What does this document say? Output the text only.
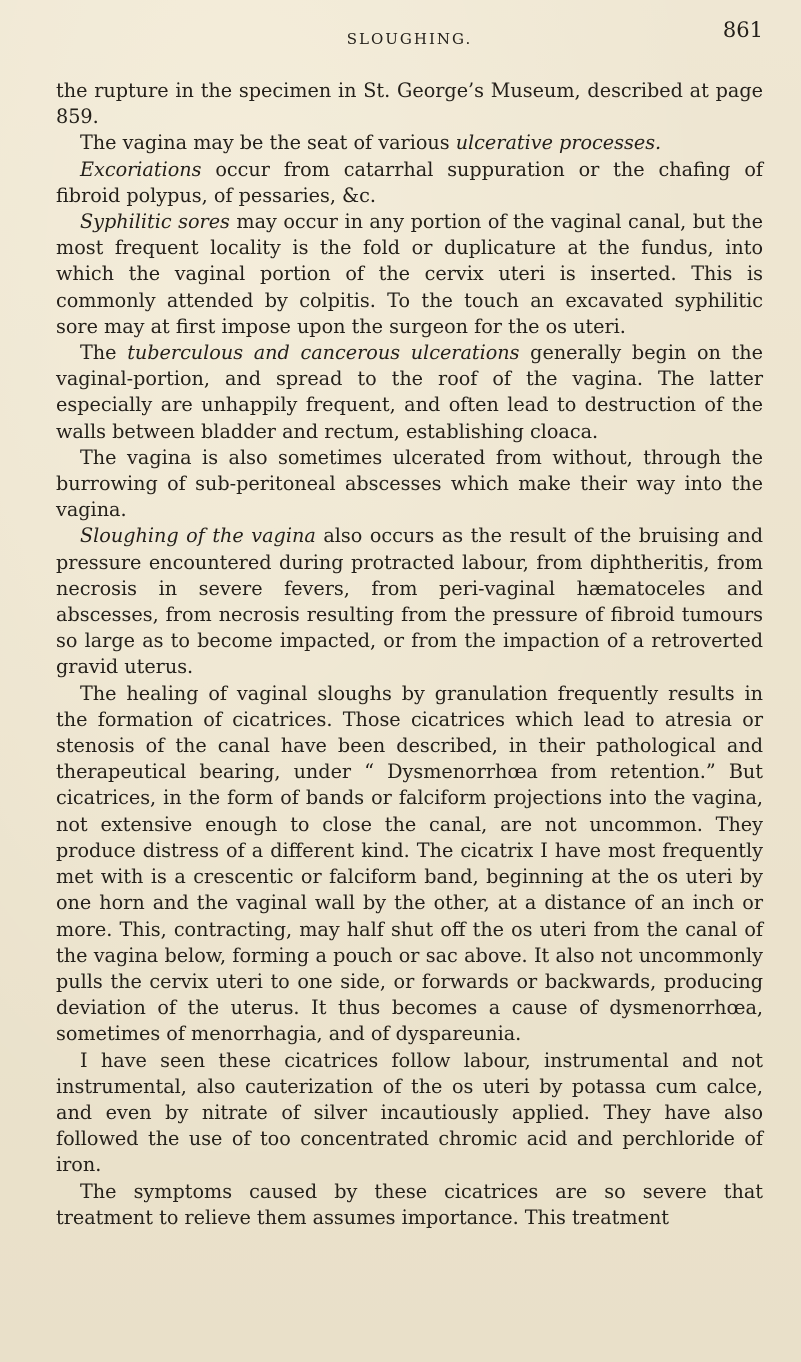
SLOUGHING.	861

the rupture in the specimen in St. George’s Museum, described at page 859.

The vagina may be the seat of various ulcerative processes.

Excoriations occur from catarrhal suppuration or the chafing of fibroid polypus, of pessaries, &c.

Syphilitic sores may occur in any portion of the vaginal canal, but the most frequent locality is the fold or duplicature at the fundus, into which the vaginal portion of the cervix uteri is inserted. This is commonly attended by colpitis. To the touch an excavated syphilitic sore may at first impose upon the surgeon for the os uteri.

The tuberculous and cancerous ulcerations generally begin on the vaginal-portion, and spread to the roof of the vagina. The latter especially are unhappily frequent, and often lead to destruction of the walls between bladder and rectum, establishing cloaca.

The vagina is also sometimes ulcerated from without, through the burrowing of sub-peritoneal abscesses which make their way into the vagina.

Sloughing of the vagina also occurs as the result of the bruising and pressure encountered during protracted labour, from diphtheritis, from necrosis in severe fevers, from peri-vaginal hæmatoceles and abscesses, from necrosis resulting from the pressure of fibroid tumours so large as to become impacted, or from the impaction of a retroverted gravid uterus.

The healing of vaginal sloughs by granulation frequently results in the formation of cicatrices. Those cicatrices which lead to atresia or stenosis of the canal have been described, in their pathological and therapeutical bearing, under “ Dysmenorrhœa from retention.” But cicatrices, in the form of bands or falciform projections into the vagina, not extensive enough to close the canal, are not uncommon. They produce distress of a different kind. The cicatrix I have most frequently met with is a crescentic or falciform band, beginning at the os uteri by one horn and the vaginal wall by the other, at a distance of an inch or more. This, contracting, may half shut off the os uteri from the canal of the vagina below, forming a pouch or sac above. It also not uncommonly pulls the cervix uteri to one side, or forwards or backwards, producing deviation of the uterus. It thus becomes a cause of dysmenorrhœa, sometimes of menorrhagia, and of dyspareunia.

I have seen these cicatrices follow labour, instrumental and not instrumental, also cauterization of the os uteri by potassa cum calce, and even by nitrate of silver incautiously applied. They have also followed the use of too concentrated chromic acid and perchloride of iron.

The symptoms caused by these cicatrices are so severe that treatment to relieve them assumes importance. This treatment
